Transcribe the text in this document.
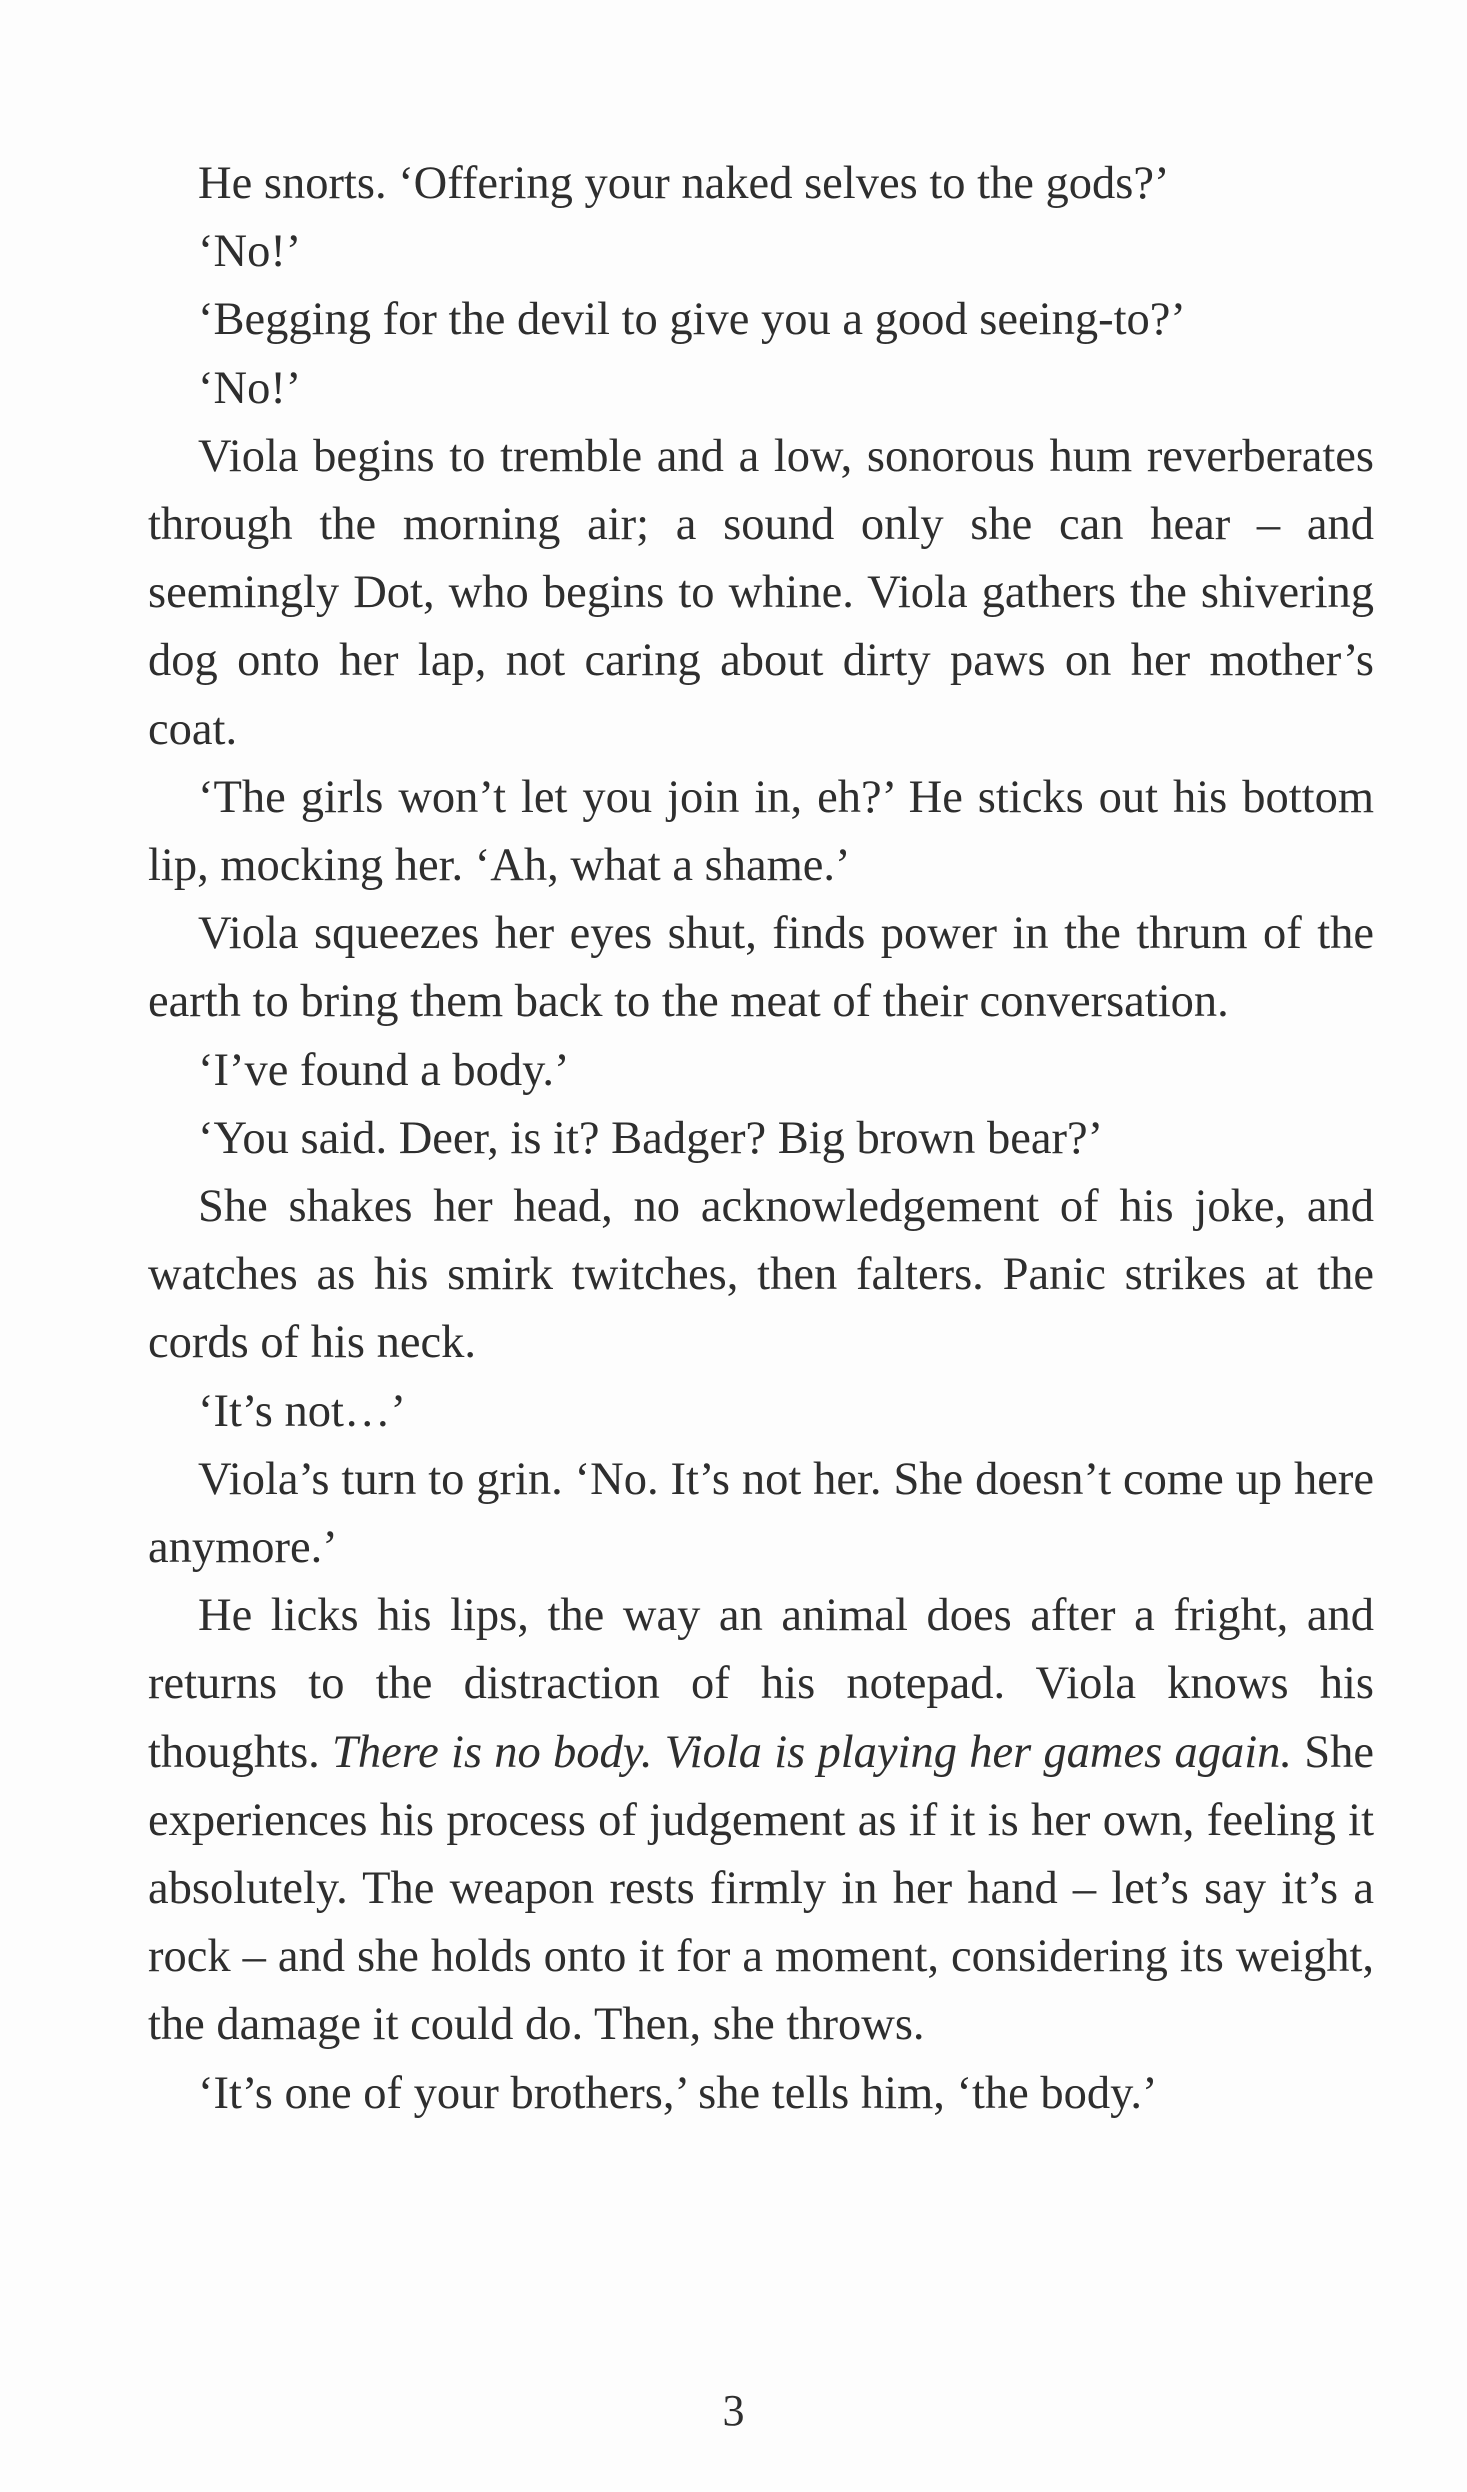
He snorts. ‘Offering your naked selves to the gods?’

‘No!’

‘Begging for the devil to give you a good seeing-to?’

‘No!’

Viola begins to tremble and a low, sonorous hum reverberates through the morning air; a sound only she can hear – and seemingly Dot, who begins to whine. Viola gathers the shivering dog onto her lap, not caring about dirty paws on her mother’s coat.

‘The girls won’t let you join in, eh?’ He sticks out his bottom lip, mocking her. ‘Ah, what a shame.’

Viola squeezes her eyes shut, finds power in the thrum of the earth to bring them back to the meat of their conversation.

‘I’ve found a body.’

‘You said. Deer, is it? Badger? Big brown bear?’

She shakes her head, no acknowledgement of his joke, and watches as his smirk twitches, then falters. Panic strikes at the cords of his neck.

‘It’s not…’

Viola’s turn to grin. ‘No. It’s not her. She doesn’t come up here anymore.’

He licks his lips, the way an animal does after a fright, and returns to the distraction of his notepad. Viola knows his thoughts. There is no body. Viola is playing her games again. She experiences his process of judgement as if it is her own, feeling it absolutely. The weapon rests firmly in her hand – let’s say it’s a rock – and she holds onto it for a moment, considering its weight, the damage it could do. Then, she throws.

‘It’s one of your brothers,’ she tells him, ‘the body.’

3
